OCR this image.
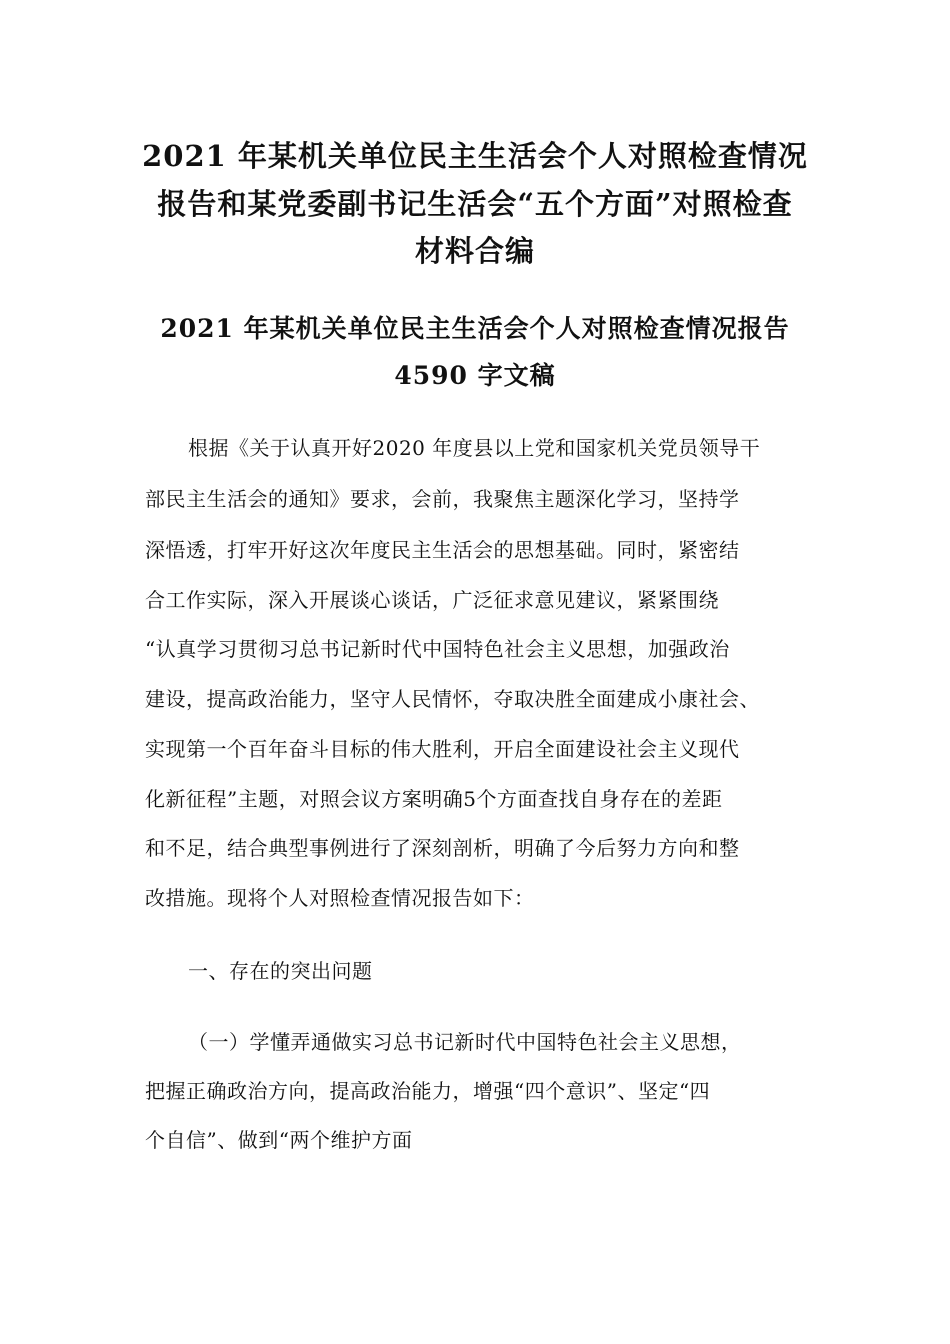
2021 年某机关单位民主生活会个人对照检查情况
报告和某党委副书记生活会“五个方面”对照检查
材料合编
2021 年某机关单位民主生活会个人对照检查情况报告
4590 字文稿
根据《关于认真开好2020 年度县以上党和国家机关党员领导干
部民主生活会的通知》要求，会前，我聚焦主题深化学习，坚持学
深悟透，打牢开好这次年度民主生活会的思想基础。同时，紧密结
合工作实际，深入开展谈心谈话，广泛征求意见建议，紧紧围绕
“认真学习贯彻习总书记新时代中国特色社会主义思想，加强政治
建设，提高政治能力，坚守人民情怀，夺取决胜全面建成小康社会、
实现第一个百年奋斗目标的伟大胜利，开启全面建设社会主义现代
化新征程”主题，对照会议方案明确5个方面查找自身存在的差距
和不足，结合典型事例进行了深刻剖析，明确了今后努力方向和整
改措施。现将个人对照检查情况报告如下：
一、存在的突出问题
（一）学懂弄通做实习总书记新时代中国特色社会主义思想，
把握正确政治方向，提高政治能力，增强“四个意识”、坚定“四
个自信”、做到“两个维护方面
